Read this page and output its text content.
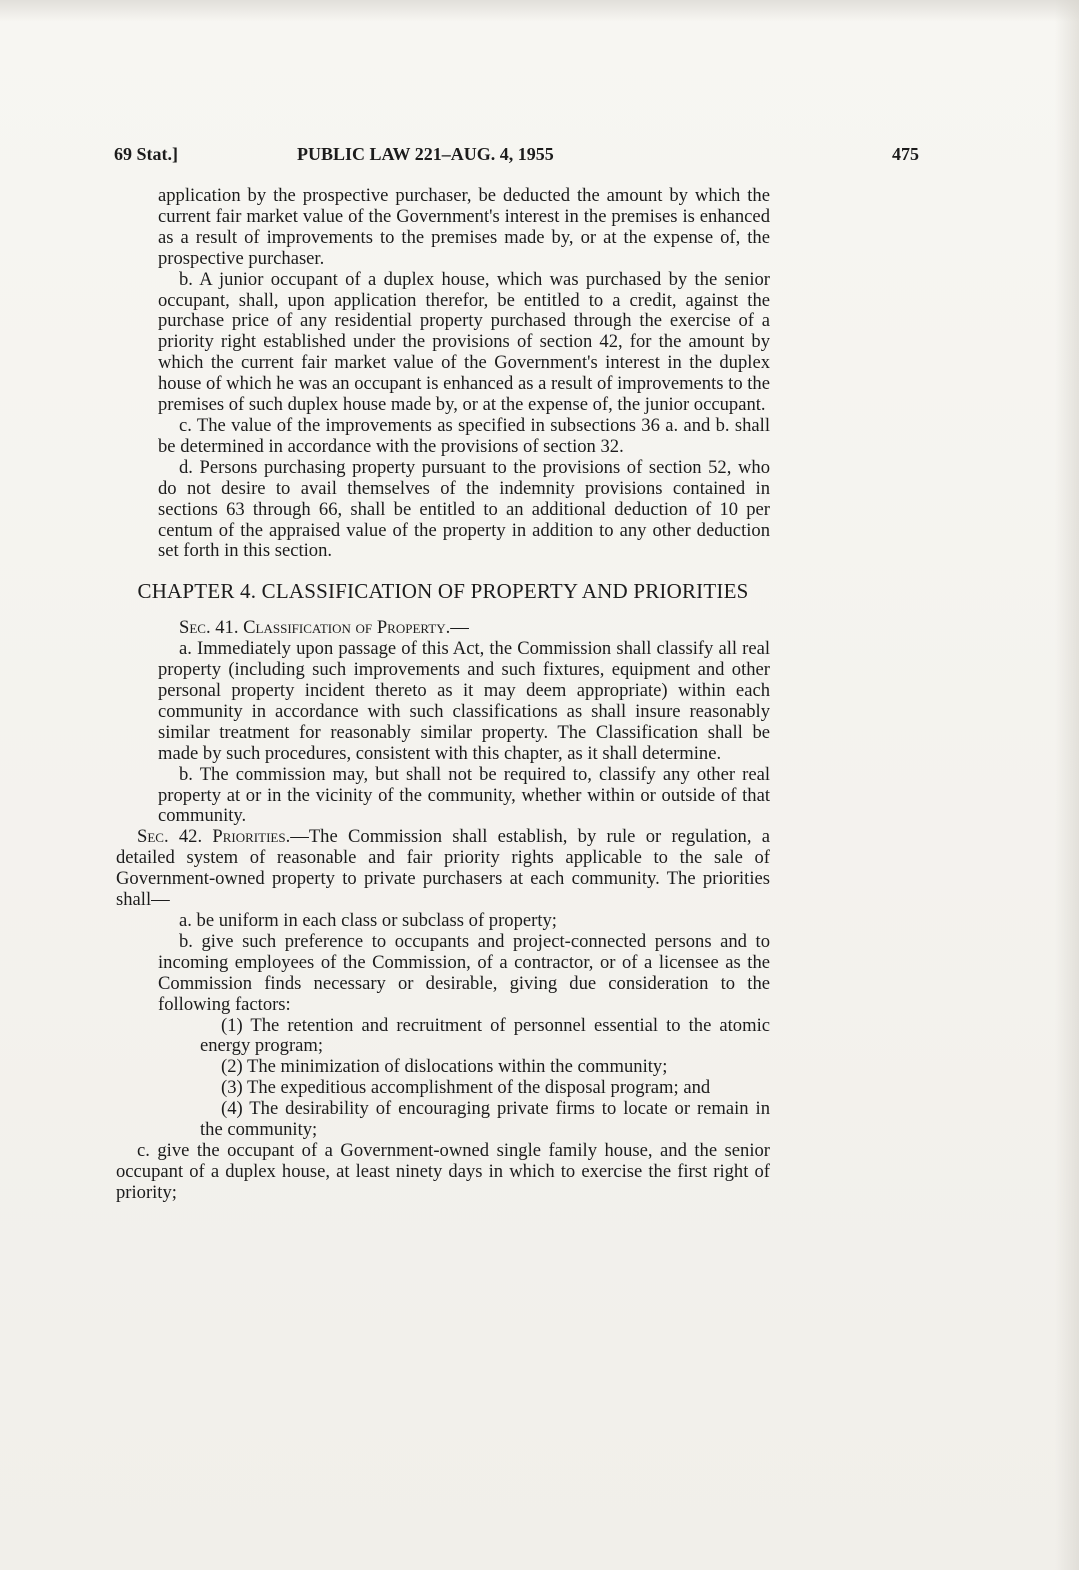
69 Stat.]	PUBLIC LAW 221–AUG. 4, 1955	475

application by the prospective purchaser, be deducted the amount by which the current fair market value of the Government's interest in the premises is enhanced as a result of improvements to the premises made by, or at the expense of, the prospective purchaser.

b. A junior occupant of a duplex house, which was purchased by the senior occupant, shall, upon application therefor, be entitled to a credit, against the purchase price of any residential property purchased through the exercise of a priority right established under the provisions of section 42, for the amount by which the current fair market value of the Government's interest in the duplex house of which he was an occupant is enhanced as a result of improvements to the premises of such duplex house made by, or at the expense of, the junior occupant.

c. The value of the improvements as specified in subsections 36 a. and b. shall be determined in accordance with the provisions of section 32.

d. Persons purchasing property pursuant to the provisions of section 52, who do not desire to avail themselves of the indemnity provisions contained in sections 63 through 66, shall be entitled to an additional deduction of 10 per centum of the appraised value of the property in addition to any other deduction set forth in this section.

CHAPTER 4. CLASSIFICATION OF PROPERTY AND PRIORITIES

Sec. 41. Classification of Property.—

a. Immediately upon passage of this Act, the Commission shall classify all real property (including such improvements and such fixtures, equipment and other personal property incident thereto as it may deem appropriate) within each community in accordance with such classifications as shall insure reasonably similar treatment for reasonably similar property. The Classification shall be made by such procedures, consistent with this chapter, as it shall determine.

b. The commission may, but shall not be required to, classify any other real property at or in the vicinity of the community, whether within or outside of that community.

Sec. 42. Priorities.—The Commission shall establish, by rule or regulation, a detailed system of reasonable and fair priority rights applicable to the sale of Government-owned property to private purchasers at each community. The priorities shall—

a. be uniform in each class or subclass of property;

b. give such preference to occupants and project-connected persons and to incoming employees of the Commission, of a contractor, or of a licensee as the Commission finds necessary or desirable, giving due consideration to the following factors:

(1) The retention and recruitment of personnel essential to the atomic energy program;

(2) The minimization of dislocations within the community;

(3) The expeditious accomplishment of the disposal program; and

(4) The desirability of encouraging private firms to locate or remain in the community;

c. give the occupant of a Government-owned single family house, and the senior occupant of a duplex house, at least ninety days in which to exercise the first right of priority;
